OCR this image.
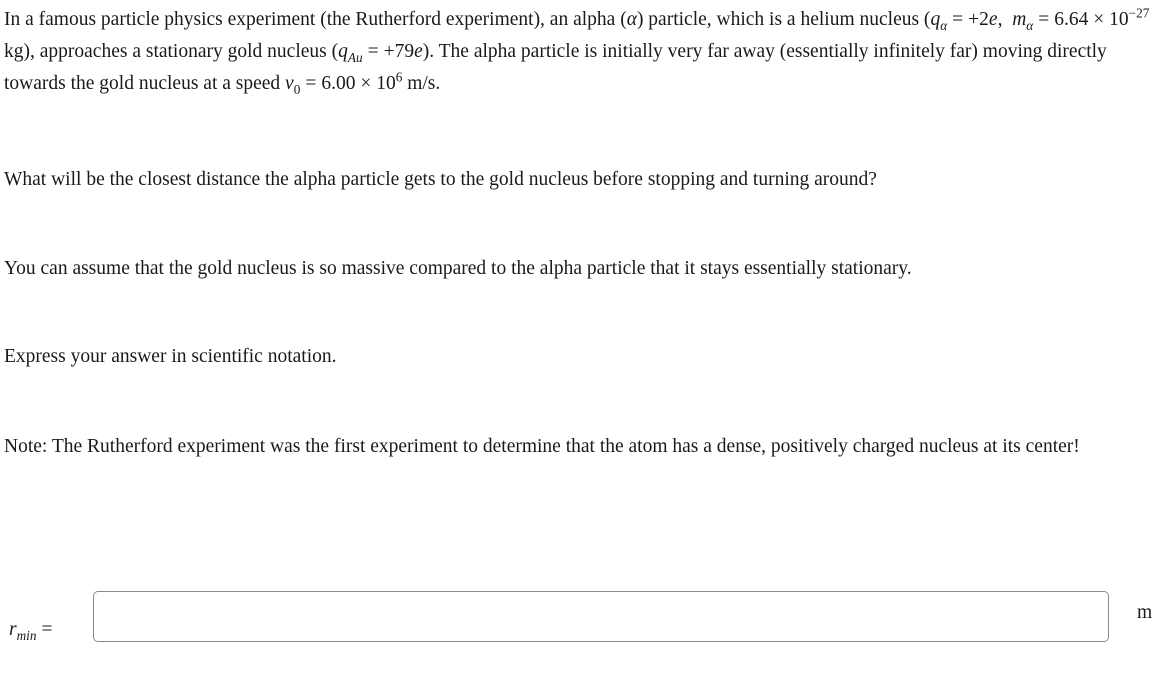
In a famous particle physics experiment (the Rutherford experiment), an alpha (α) particle, which is a helium nucleus ($q_\alpha = +2e$, $m_\alpha = 6.64 \times 10^{-27}$ kg), approaches a stationary gold nucleus $(q_{Au} = +79e)$. The alpha particle is initially very far away (essentially infinitely far) moving directly towards the gold nucleus at a speed $v_0 = 6.00 \times 10^6$ m/s.

What will be the closest distance the alpha particle gets to the gold nucleus before stopping and turning around?

You can assume that the gold nucleus is so massive compared to the alpha particle that it stays essentially stationary.

Express your answer in scientific notation.

Note: The Rutherford experiment was the first experiment to determine that the atom has a dense, positively charged nucleus at its center!

$r_{min}$ =
m
